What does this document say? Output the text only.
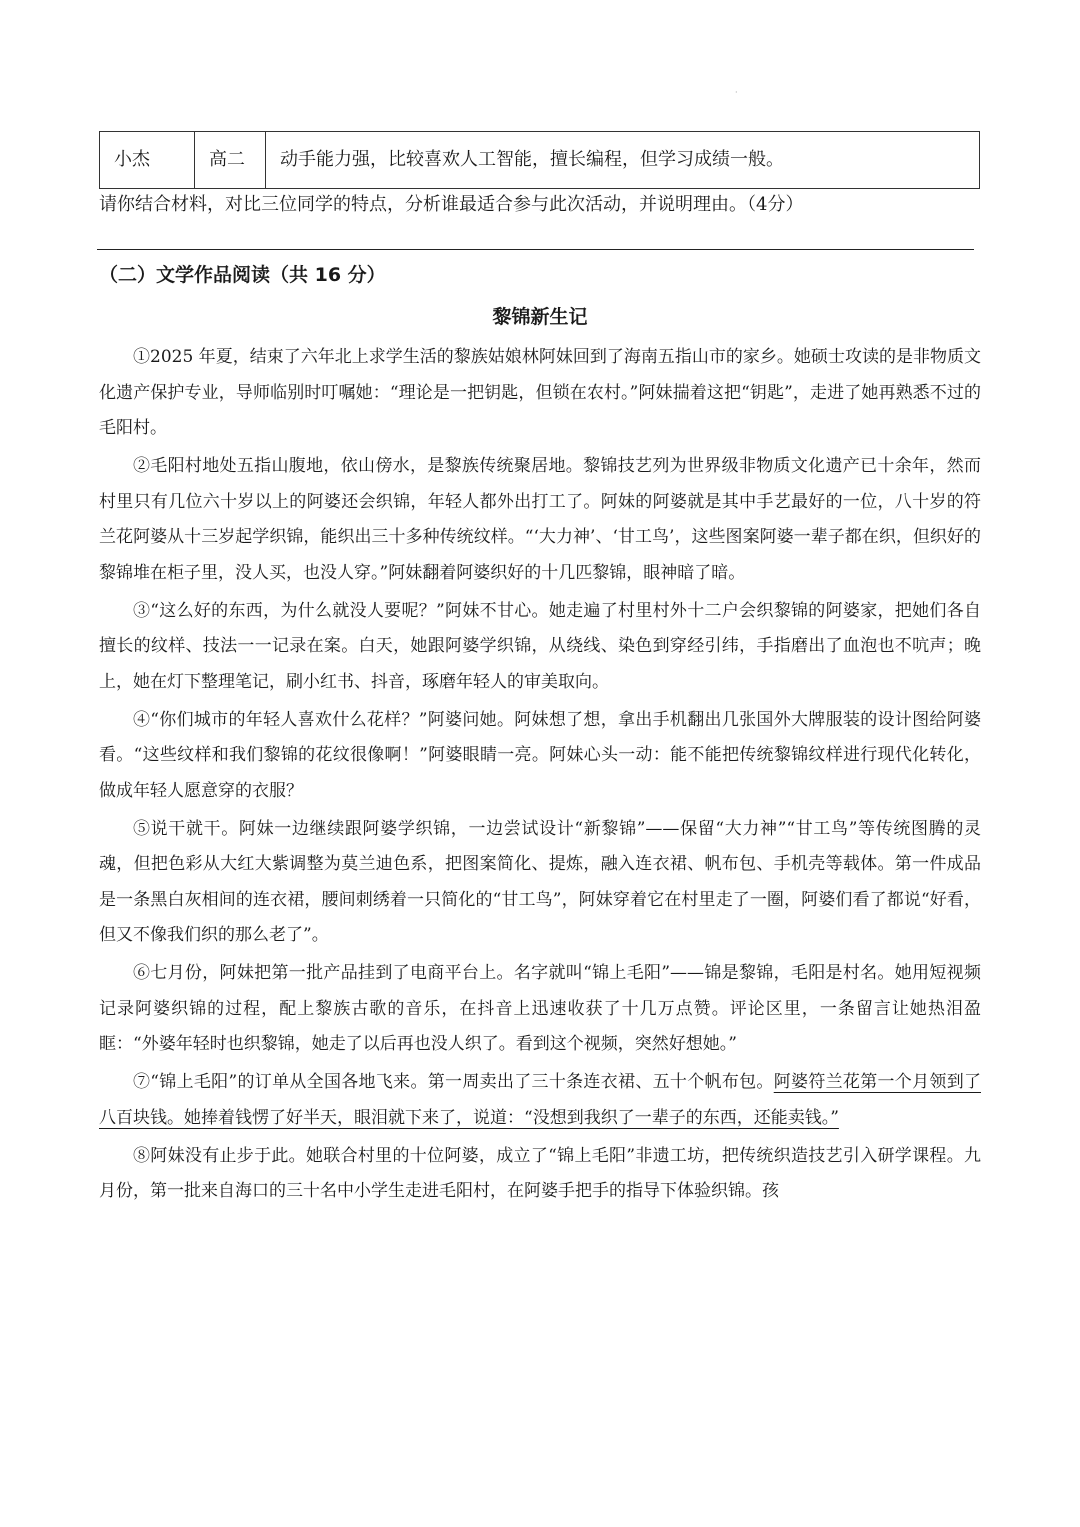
·
小杰	高二	动手能力强，比较喜欢人工智能，擅长编程，但学习成绩一般。
请你结合材料，对比三位同学的特点，分析谁最适合参与此次活动，并说明理由。（4分）
（二）文学作品阅读（共 16 分）
黎锦新生记

①2025 年夏，结束了六年北上求学生活的黎族姑娘林阿妹回到了海南五指山市的家乡。她硕士攻读的是非物质文化遗产保护专业，导师临别时叮嘱她：“理论是一把钥匙，但锁在农村。”阿妹揣着这把“钥匙”，走进了她再熟悉不过的毛阳村。

②毛阳村地处五指山腹地，依山傍水，是黎族传统聚居地。黎锦技艺列为世界级非物质文化遗产已十余年，然而村里只有几位六十岁以上的阿婆还会织锦，年轻人都外出打工了。阿妹的阿婆就是其中手艺最好的一位，八十岁的符兰花阿婆从十三岁起学织锦，能织出三十多种传统纹样。“‘大力神’、‘甘工鸟’，这些图案阿婆一辈子都在织，但织好的黎锦堆在柜子里，没人买，也没人穿。”阿妹翻着阿婆织好的十几匹黎锦，眼神暗了暗。

③“这么好的东西，为什么就没人要呢？”阿妹不甘心。她走遍了村里村外十二户会织黎锦的阿婆家，把她们各自擅长的纹样、技法一一记录在案。白天，她跟阿婆学织锦，从绕线、染色到穿经引纬，手指磨出了血泡也不吭声；晚上，她在灯下整理笔记，刷小红书、抖音，琢磨年轻人的审美取向。

④“你们城市的年轻人喜欢什么花样？”阿婆问她。阿妹想了想，拿出手机翻出几张国外大牌服装的设计图给阿婆看。“这些纹样和我们黎锦的花纹很像啊！”阿婆眼睛一亮。阿妹心头一动：能不能把传统黎锦纹样进行现代化转化，做成年轻人愿意穿的衣服？

⑤说干就干。阿妹一边继续跟阿婆学织锦，一边尝试设计“新黎锦”——保留“大力神”“甘工鸟”等传统图腾的灵魂，但把色彩从大红大紫调整为莫兰迪色系，把图案简化、提炼，融入连衣裙、帆布包、手机壳等载体。第一件成品是一条黑白灰相间的连衣裙，腰间刺绣着一只简化的“甘工鸟”，阿妹穿着它在村里走了一圈，阿婆们看了都说“好看，但又不像我们织的那么老了”。

⑥七月份，阿妹把第一批产品挂到了电商平台上。名字就叫“锦上毛阳”——锦是黎锦，毛阳是村名。她用短视频记录阿婆织锦的过程，配上黎族古歌的音乐，在抖音上迅速收获了十几万点赞。评论区里，一条留言让她热泪盈眶：“外婆年轻时也织黎锦，她走了以后再也没人织了。看到这个视频，突然好想她。”

⑦“锦上毛阳”的订单从全国各地飞来。第一周卖出了三十条连衣裙、五十个帆布包。阿婆符兰花第一个月领到了八百块钱。她捧着钱愣了好半天，眼泪就下来了，说道：“没想到我织了一辈子的东西，还能卖钱。”

⑧阿妹没有止步于此。她联合村里的十位阿婆，成立了“锦上毛阳”非遗工坊，把传统织造技艺引入研学课程。九月份，第一批来自海口的三十名中小学生走进毛阳村，在阿婆手把手的指导下体验织锦。孩
